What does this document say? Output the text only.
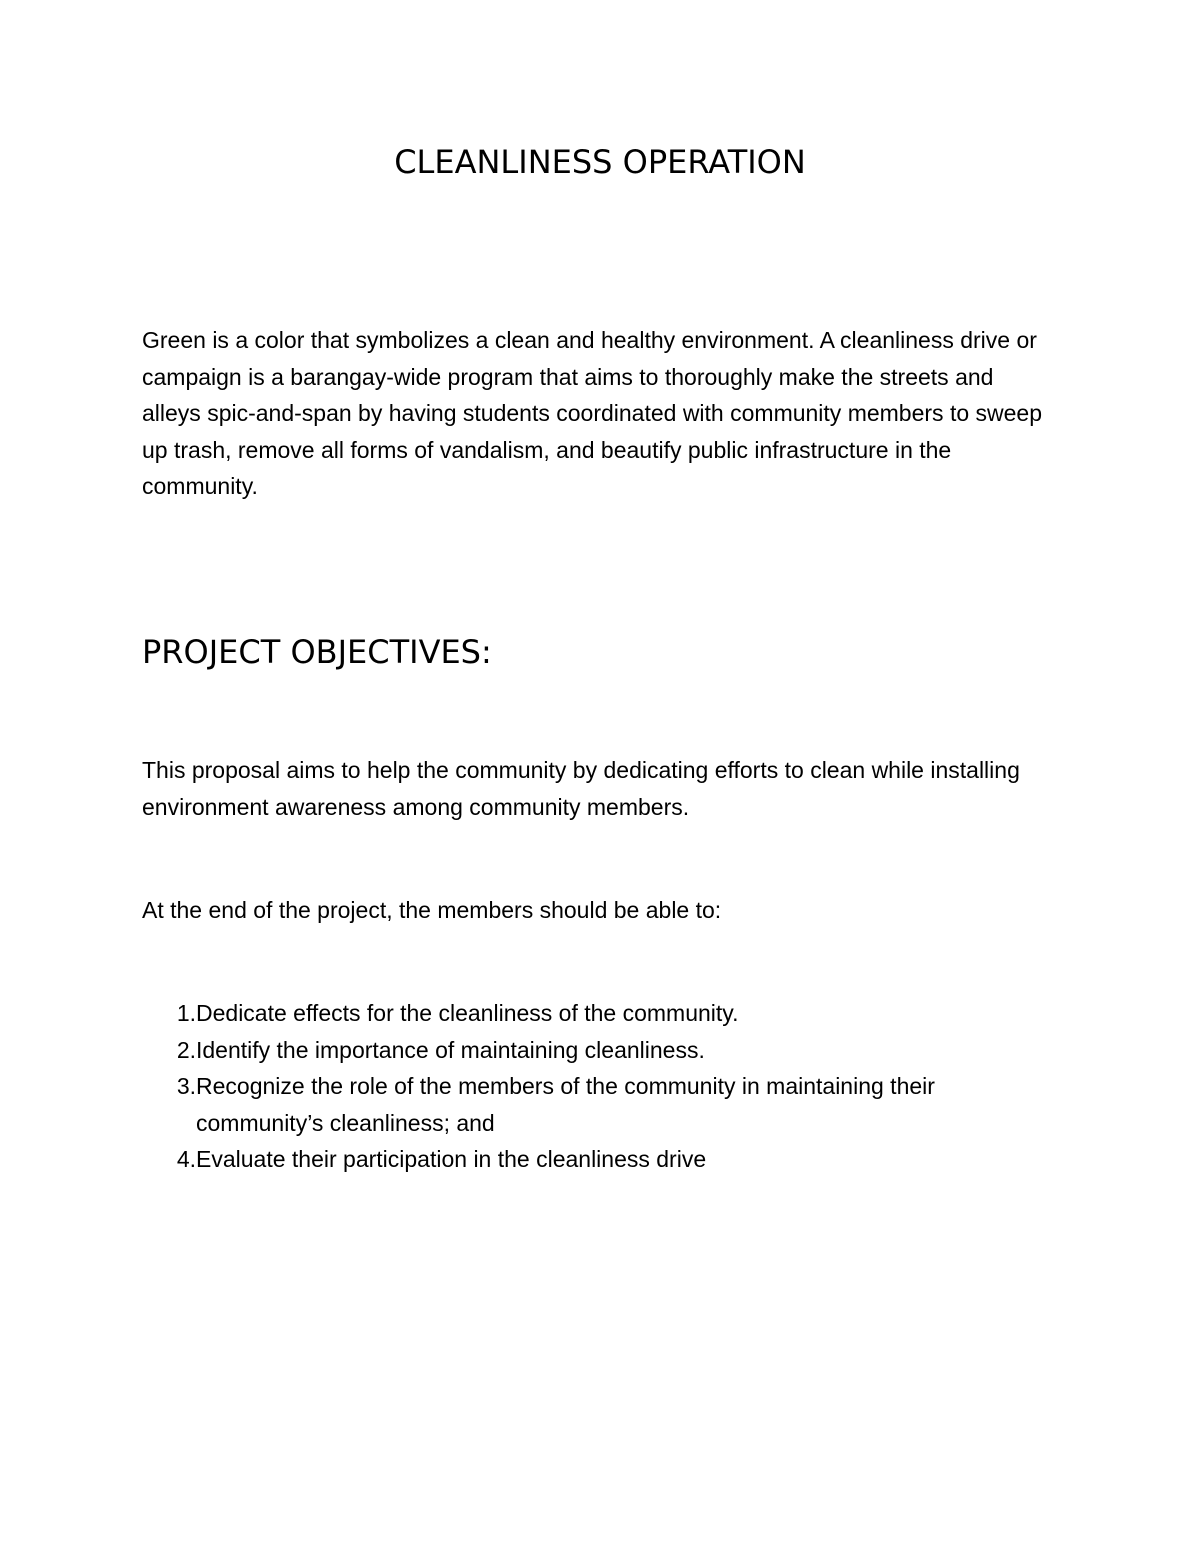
CLEANLINESS OPERATION

Green is a color that symbolizes a clean and healthy environment. A cleanliness drive or campaign is a barangay-wide program that aims to thoroughly make the streets and alleys spic-and-span by having students coordinated with community members to sweep up trash, remove all forms of vandalism, and beautify public infrastructure in the community.

PROJECT OBJECTIVES:

This proposal aims to help the community by dedicating efforts to clean while installing environment awareness among community members.

At the end of the project, the members should be able to:

1. Dedicate effects for the cleanliness of the community.
2. Identify the importance of maintaining cleanliness.
3. Recognize the role of the members of the community in maintaining their community’s cleanliness; and
4. Evaluate their participation in the cleanliness drive
